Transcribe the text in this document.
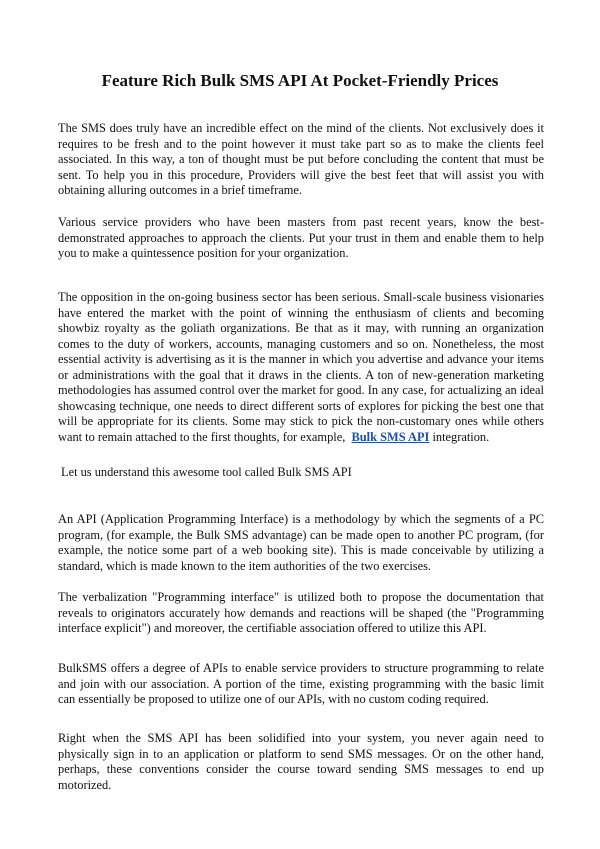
Feature Rich Bulk SMS API At Pocket-Friendly Prices

The SMS does truly have an incredible effect on the mind of the clients. Not exclusively does it requires to be fresh and to the point however it must take part so as to make the clients feel associated. In this way, a ton of thought must be put before concluding the content that must be sent. To help you in this procedure, Providers will give the best feet that will assist you with obtaining alluring outcomes in a brief timeframe.

Various service providers who have been masters from past recent years, know the best-demonstrated approaches to approach the clients. Put your trust in them and enable them to help you to make a quintessence position for your organization.

The opposition in the on-going business sector has been serious. Small-scale business visionaries have entered the market with the point of winning the enthusiasm of clients and becoming showbiz royalty as the goliath organizations. Be that as it may, with running an organization comes to the duty of workers, accounts, managing customers and so on. Nonetheless, the most essential activity is advertising as it is the manner in which you advertise and advance your items or administrations with the goal that it draws in the clients. A ton of new-generation marketing methodologies has assumed control over the market for good. In any case, for actualizing an ideal showcasing technique, one needs to direct different sorts of explores for picking the best one that will be appropriate for its clients. Some may stick to pick the non-customary ones while others want to remain attached to the first thoughts, for example, Bulk SMS API integration.

Let us understand this awesome tool called Bulk SMS API

An API (Application Programming Interface) is a methodology by which the segments of a PC program, (for example, the Bulk SMS advantage) can be made open to another PC program, (for example, the notice some part of a web booking site). This is made conceivable by utilizing a standard, which is made known to the item authorities of the two exercises.

The verbalization "Programming interface" is utilized both to propose the documentation that reveals to originators accurately how demands and reactions will be shaped (the "Programming interface explicit") and moreover, the certifiable association offered to utilize this API.

BulkSMS offers a degree of APIs to enable service providers to structure programming to relate and join with our association. A portion of the time, existing programming with the basic limit can essentially be proposed to utilize one of our APIs, with no custom coding required.

Right when the SMS API has been solidified into your system, you never again need to physically sign in to an application or platform to send SMS messages. Or on the other hand, perhaps, these conventions consider the course toward sending SMS messages to end up motorized.
